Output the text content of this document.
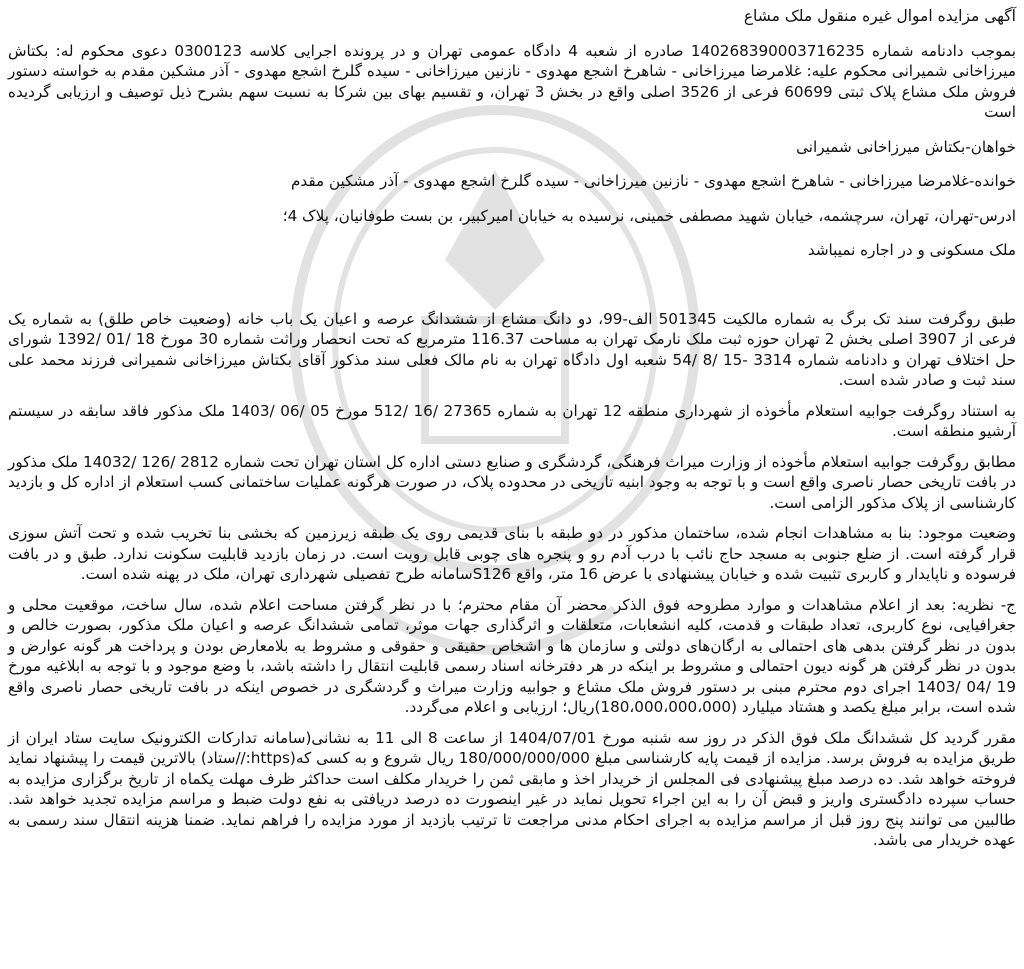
آگهی مزایده اموال غیره منقول ملک مشاع

بموجب دادنامه شماره 140268390003716235 صادره از شعبه 4 دادگاه عمومی تهران و در پرونده اجرایی کلاسه 0300123 دعوی محکوم له: بکتاش میرزاخانی شمیرانی محکوم علیه: غلامرضا میرزاخانی - شاهرخ اشجع مهدوی - نازنین میرزاخانی - سیده گلرخ اشجع مهدوی - آذر مشکین مقدم به خواسته دستور فروش ملک مشاع پلاک ثبتی 60699 فرعی از 3526 اصلی واقع در بخش 3 تهران، و تقسیم بهای بین شرکا به نسبت سهم بشرح ذیل توصیف و ارزیابی گردیده است

خواهان-بکتاش میرزاخانی شمیرانی

خوانده-غلامرضا میرزاخانی - شاهرخ اشجع مهدوی - نازنین میرزاخانی - سیده گلرخ اشجع مهدوی - آذر مشکین مقدم

ادرس-تهران، تهران، سرچشمه، خیابان شهید مصطفی خمینی، نرسیده به خیابان امیرکبیر، بن بست طوفانیان، پلاک 4؛

ملک مسکونی و در اجاره نمیباشد

طبق روگرفت سند تک برگ به شماره مالکیت 501345 الف-99، دو دانگ مشاع از ششدانگ عرصه و اعیان یک باب خانه (وضعیت خاص طلق) به شماره یک فرعی از 3907 اصلی بخش 2 تهران حوزه ثبت ملک نارمک تهران به مساحت 116.37 مترمربع که تحت انحصار وراثت شماره 30 مورخ 18 /01 /1392 شورای حل اختلاف تهران و دادنامه شماره 3314 -15 /8 /54 شعبه اول دادگاه تهران به نام مالک فعلی سند مذکور آقای بکتاش میرزاخانی شمیرانی فرزند محمد علی سند ثبت و صادر شده است.

به استناد روگرفت جوابیه استعلام مأخوذه از شهرداری منطقه 12 تهران به شماره 27365 /16 /512 مورخ 05 /06 /1403 ملک مذکور فاقد سابقه در سیستم آرشیو منطقه است.

مطابق روگرفت جوابیه استعلام مأخوذه از وزارت میراث فرهنگی، گردشگری و صنایع دستی اداره کل استان تهران تحت شماره 2812 /126 /14032 ملک مذکور در بافت تاریخی حصار ناصری واقع است و با توجه به وجود ابنیه تاریخی در محدوده پلاک، در صورت هرگونه عملیات ساختمانی کسب استعلام از اداره کل و بازدید کارشناسی از پلاک مذکور الزامی است.

وضعیت موجود: بنا به مشاهدات انجام شده، ساختمان مذکور در دو طبقه با بنای قدیمی روی یک طبقه زیرزمین که بخشی بنا تخریب شده و تحت آتش سوزی قرار گرفته است. از ضلع جنوبی به مسجد حاج نائب با درب آدم رو و پنجره های چوبی قابل رویت است. در زمان بازدید قابلیت سکونت ندارد. طبق و در بافت فرسوده و ناپایدار و کاربری تثبیت شده و خیابان پیشنهادی با عرض 16 متر، واقع S126سامانه طرح تفصیلی شهرداری تهران، ملک در پهنه شده است.

ج- نظریه: بعد از اعلام مشاهدات و موارد مطروحه فوق الذکر محضر آن مقام محترم؛ با در نظر گرفتن مساحت اعلام شده، سال ساخت، موقعیت محلی و جغرافیایی، نوع کاربری، تعداد طبقات و قدمت، کلیه انشعابات، متعلقات و اثرگذاری جهات موثر، تمامی ششدانگ عرصه و اعیان ملک مذکور، بصورت خالص و بدون در نظر گرفتن بدهی های احتمالی به ارگان‌های دولتی و سازمان ها و اشخاص حقیقی و حقوقی و مشروط به بلامعارض بودن و پرداخت هر گونه عوارض و بدون در نظر گرفتن هر گونه دیون احتمالی و مشروط بر اینکه در هر دفترخانه اسناد رسمی قابلیت انتقال را داشته باشد، با وضع موجود و با توجه به ابلاغیه مورخ 19 /04 /1403 اجرای دوم محترم مبنی بر دستور فروش ملک مشاع و جوابیه وزارت میراث و گردشگری در خصوص اینکه در بافت تاریخی حصار ناصری واقع شده است، برابر مبلغ یکصد و هشتاد میلیارد (180،000،000،000)ریال؛ ارزیابی و اعلام می‌گردد.

مقرر گردید کل ششدانگ ملک فوق الذکر در روز سه شنبه مورخ 1404/07/01 از ساعت 8 الی 11 به نشانی(سامانه تدارکات الکترونیک سایت ستاد ایران از طریق مزایده به فروش برسد. مزایده از قیمت پایه کارشناسی مبلغ 180/000/000/000 ریال شروع و به کسی که(https://ستاد) بالاترین قیمت را پیشنهاد نماید فروخته خواهد شد. ده درصد مبلغ پیشنهادی فی المجلس از خریدار اخذ و مابقی ثمن را خریدار مکلف است حداکثر ظرف مهلت یکماه از تاریخ برگزاری مزایده به حساب سپرده دادگستری واریز و قبض آن را به این اجراء تحویل نماید در غیر اینصورت ده درصد دریافتی به نفع دولت ضبط و مراسم مزایده تجدید خواهد شد. طالبین می توانند پنج روز قبل از مراسم مزایده به اجرای احکام مدنی مراجعت تا ترتیب بازدید از مورد مزایده را فراهم نماید. ضمنا هزینه انتقال سند رسمی به عهده خریدار می باشد.
